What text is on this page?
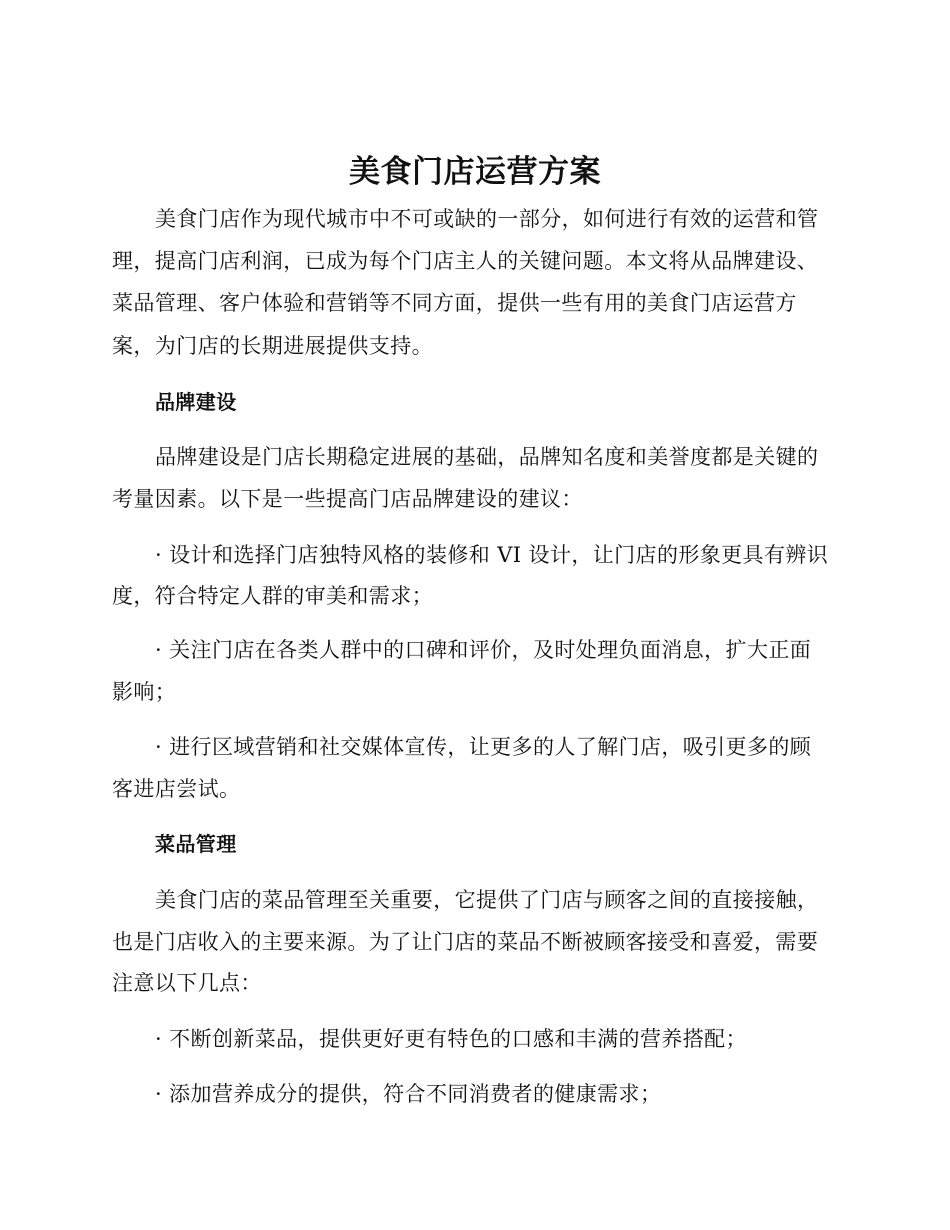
美食门店运营方案
美食门店作为现代城市中不可或缺的一部分，如何进行有效的运营和管
理，提高门店利润，已成为每个门店主人的关键问题。本文将从品牌建设、
菜品管理、客户体验和营销等不同方面，提供一些有用的美食门店运营方
案，为门店的长期进展提供支持。
品牌建设
品牌建设是门店长期稳定进展的基础，品牌知名度和美誉度都是关键的
考量因素。以下是一些提高门店品牌建设的建议：
· 设计和选择门店独特风格的装修和 VI 设计，让门店的形象更具有辨识
度，符合特定人群的审美和需求；
· 关注门店在各类人群中的口碑和评价，及时处理负面消息，扩大正面
影响；
· 进行区域营销和社交媒体宣传，让更多的人了解门店，吸引更多的顾
客进店尝试。
菜品管理
美食门店的菜品管理至关重要，它提供了门店与顾客之间的直接接触，
也是门店收入的主要来源。为了让门店的菜品不断被顾客接受和喜爱，需要
注意以下几点：
· 不断创新菜品，提供更好更有特色的口感和丰满的营养搭配；
· 添加营养成分的提供，符合不同消费者的健康需求；
